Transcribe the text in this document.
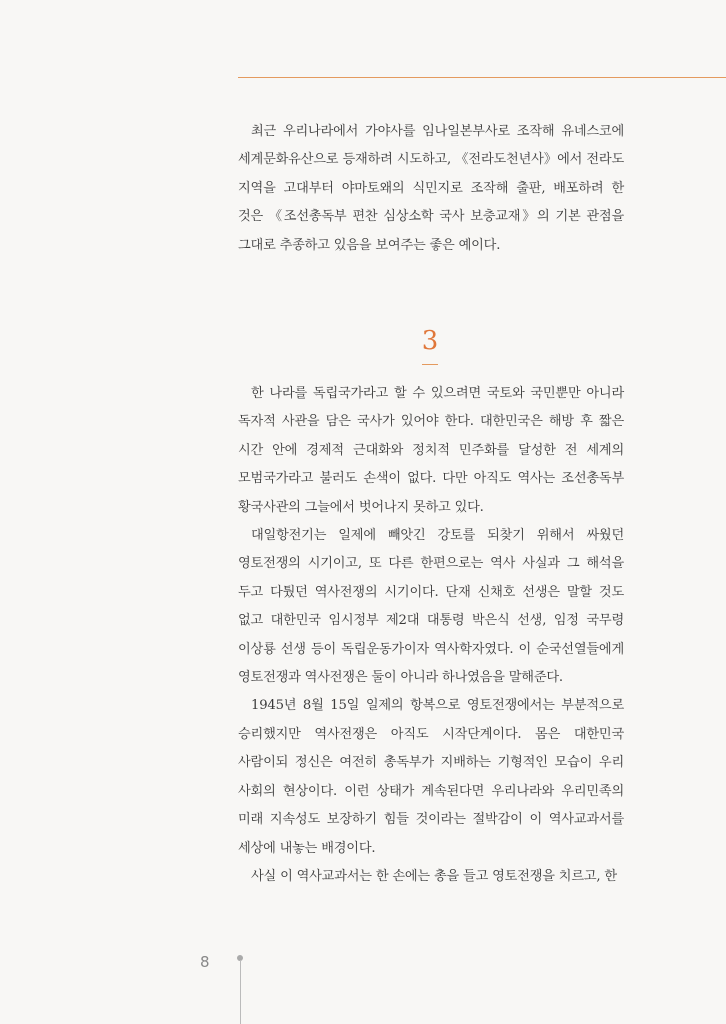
최근 우리나라에서 가야사를 임나일본부사로 조작해 유네스코에 세계문화유산으로 등재하려 시도하고, 《전라도천년사》에서 전라도 지역을 고대부터 야마토왜의 식민지로 조작해 출판, 배포하려 한 것은 《조선총독부 편찬 심상소학 국사 보충교재》의 기본 관점을 그대로 추종하고 있음을 보여주는 좋은 예이다.

3

한 나라를 독립국가라고 할 수 있으려면 국토와 국민뿐만 아니라 독자적 사관을 담은 국사가 있어야 한다. 대한민국은 해방 후 짧은 시간 안에 경제적 근대화와 정치적 민주화를 달성한 전 세계의 모범국가라고 불러도 손색이 없다. 다만 아직도 역사는 조선총독부 황국사관의 그늘에서 벗어나지 못하고 있다.

대일항전기는 일제에 빼앗긴 강토를 되찾기 위해서 싸웠던 영토전쟁의 시기이고, 또 다른 한편으로는 역사 사실과 그 해석을 두고 다퉜던 역사전쟁의 시기이다. 단재 신채호 선생은 말할 것도 없고 대한민국 임시정부 제2대 대통령 박은식 선생, 임정 국무령 이상룡 선생 등이 독립운동가이자 역사학자였다. 이 순국선열들에게 영토전쟁과 역사전쟁은 둘이 아니라 하나였음을 말해준다.

1945년 8월 15일 일제의 항복으로 영토전쟁에서는 부분적으로 승리했지만 역사전쟁은 아직도 시작단계이다. 몸은 대한민국 사람이되 정신은 여전히 총독부가 지배하는 기형적인 모습이 우리 사회의 현상이다. 이런 상태가 계속된다면 우리나라와 우리민족의 미래 지속성도 보장하기 힘들 것이라는 절박감이 이 역사교과서를 세상에 내놓는 배경이다.

사실 이 역사교과서는 한 손에는 총을 들고 영토전쟁을 치르고, 한

8
